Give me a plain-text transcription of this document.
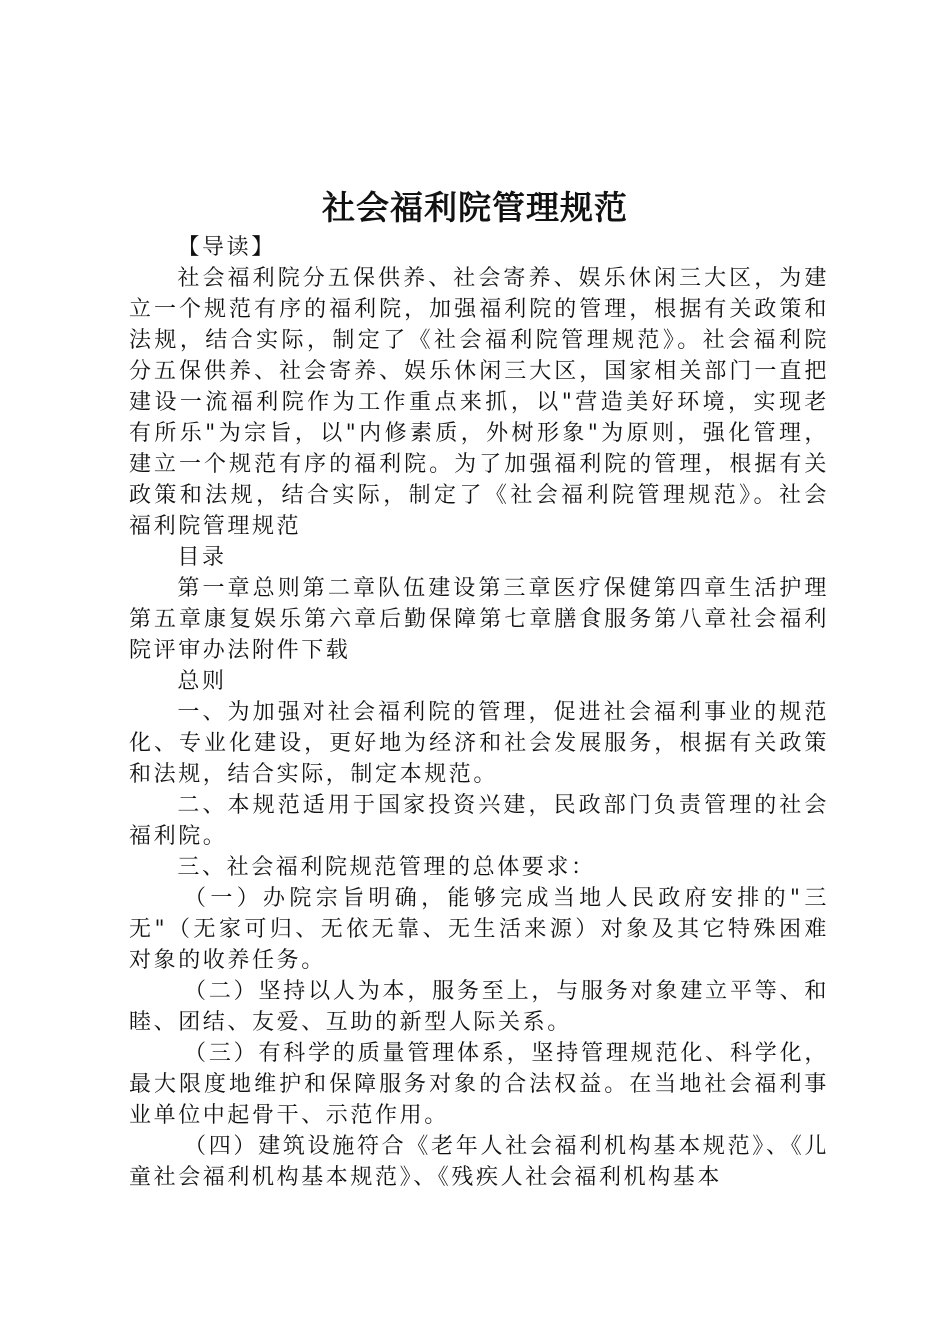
社会福利院管理规范

【导读】

社会福利院分五保供养、社会寄养、娱乐休闲三大区，为建立一个规范有序的福利院，加强福利院的管理，根据有关政策和法规，结合实际，制定了《社会福利院管理规范》。社会福利院分五保供养、社会寄养、娱乐休闲三大区，国家相关部门一直把建设一流福利院作为工作重点来抓，以"营造美好环境，实现老有所乐"为宗旨，以"内修素质，外树形象"为原则，强化管理，建立一个规范有序的福利院。为了加强福利院的管理，根据有关政策和法规，结合实际，制定了《社会福利院管理规范》。社会福利院管理规范

目录

第一章总则第二章队伍建设第三章医疗保健第四章生活护理第五章康复娱乐第六章后勤保障第七章膳食服务第八章社会福利院评审办法附件下载

总则

一、为加强对社会福利院的管理，促进社会福利事业的规范化、专业化建设，更好地为经济和社会发展服务，根据有关政策和法规，结合实际，制定本规范。

二、本规范适用于国家投资兴建，民政部门负责管理的社会福利院。

三、社会福利院规范管理的总体要求：

（一）办院宗旨明确，能够完成当地人民政府安排的"三无"（无家可归、无依无靠、无生活来源）对象及其它特殊困难对象的收养任务。

（二）坚持以人为本，服务至上，与服务对象建立平等、和睦、团结、友爱、互助的新型人际关系。

（三）有科学的质量管理体系，坚持管理规范化、科学化，最大限度地维护和保障服务对象的合法权益。在当地社会福利事业单位中起骨干、示范作用。

（四）建筑设施符合《老年人社会福利机构基本规范》、《儿童社会福利机构基本规范》、《残疾人社会福利机构基本
